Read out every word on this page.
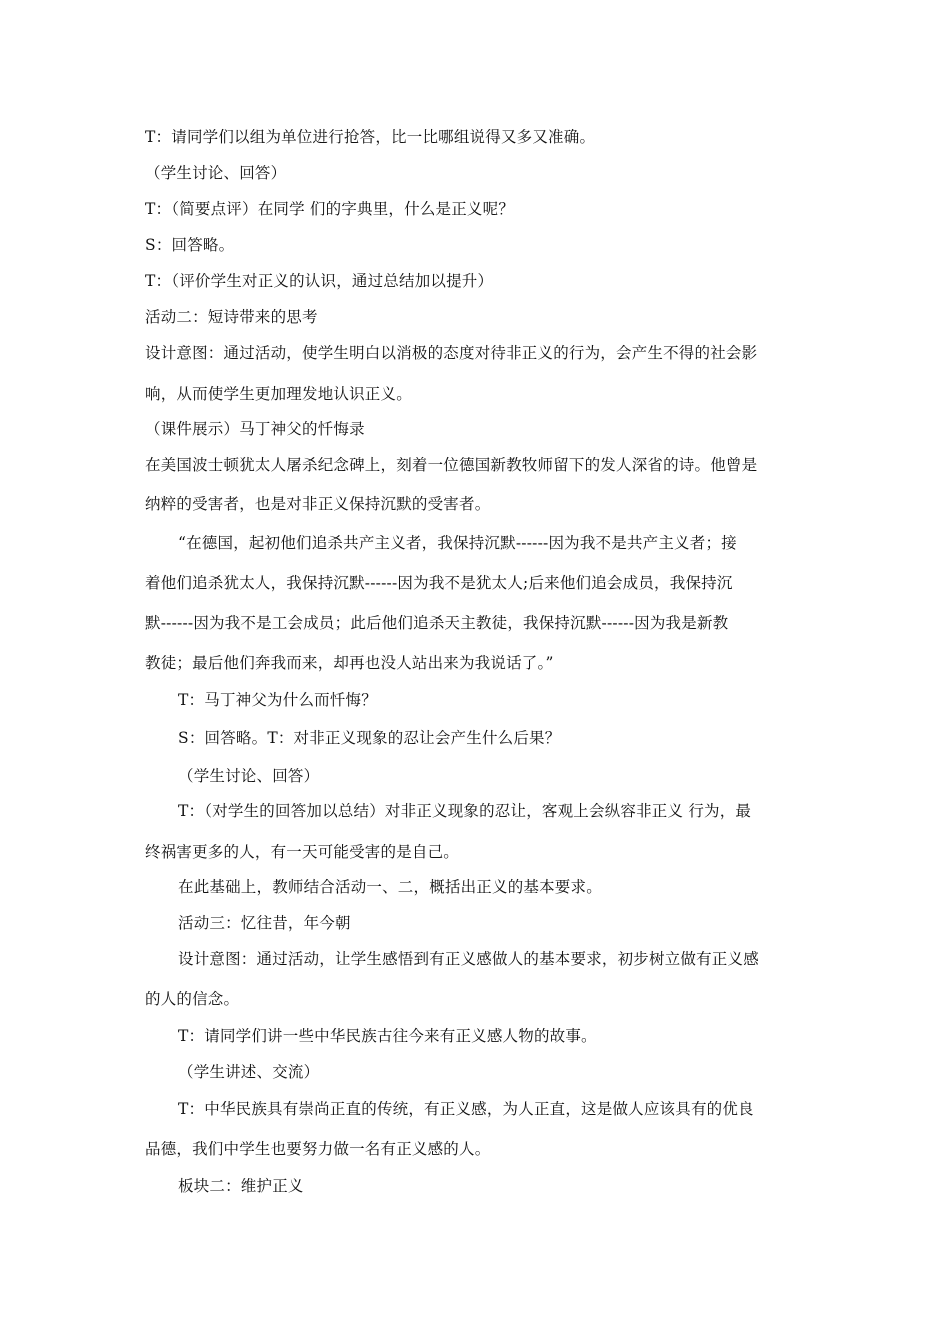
T：请同学们以组为单位进行抢答，比一比哪组说得又多又准确。
（学生讨论、回答）
T：（简要点评）在同学 们的字典里，什么是正义呢？
S：回答略。
T：（评价学生对正义的认识，通过总结加以提升）
活动二：短诗带来的思考
设计意图：通过活动，使学生明白以消极的态度对待非正义的行为，会产生不得的社会影
响，从而使学生更加理发地认识正义。
（课件展示）马丁神父的忏悔录
在美国波士顿犹太人屠杀纪念碑上，刻着一位德国新教牧师留下的发人深省的诗。他曾是
纳粹的受害者，也是对非正义保持沉默的受害者。
“在德国，起初他们追杀共产主义者，我保持沉默------因为我不是共产主义者；接
着他们追杀犹太人，我保持沉默------因为我不是犹太人;后来他们追会成员，我保持沉
默------因为我不是工会成员；此后他们追杀天主教徒，我保持沉默------因为我是新教
教徒；最后他们奔我而来，却再也没人站出来为我说话了。”
T：马丁神父为什么而忏悔？
S：回答略。T：对非正义现象的忍让会产生什么后果？
（学生讨论、回答）
T：（对学生的回答加以总结）对非正义现象的忍让，客观上会纵容非正义 行为，最
终祸害更多的人，有一天可能受害的是自己。
在此基础上，教师结合活动一、二，概括出正义的基本要求。
活动三：忆往昔，年今朝
设计意图：通过活动，让学生感悟到有正义感做人的基本要求，初步树立做有正义感
的人的信念。
T：请同学们讲一些中华民族古往今来有正义感人物的故事。
（学生讲述、交流）
T：中华民族具有崇尚正直的传统，有正义感，为人正直，这是做人应该具有的优良
品德，我们中学生也要努力做一名有正义感的人。
板块二：维护正义
